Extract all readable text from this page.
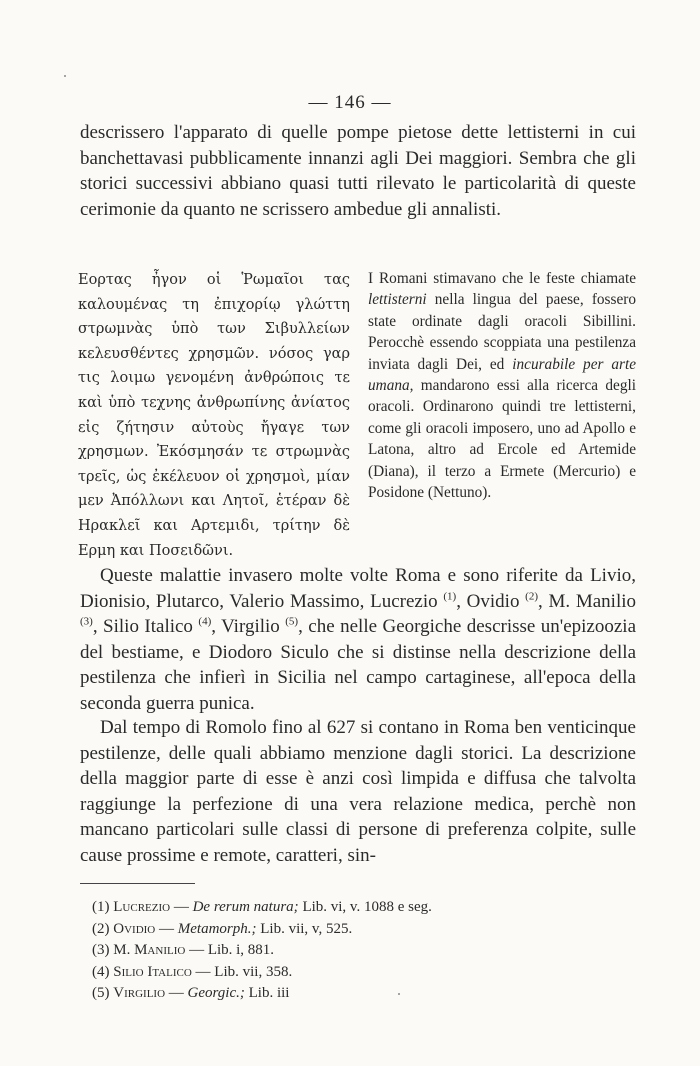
— 146 —
descrissero l'apparato di quelle pompe pietose dette lettisterni in cui banchettavasi pubblicamente innanzi agli Dei maggiori. Sembra che gli storici successivi abbiano quasi tutti rilevato le particolarità di queste cerimonie da quanto ne scrissero ambedue gli annalisti.
Εορτας ἦγον οἱ Ῥωμαῖοι τας καλουμένας τη ἐπιχορίῳ γλώττη στρωμνὰς ὑπὸ των Σιβυλλείων κελευσθέντες χρησμῶν. νόσος γαρ τις λοιμω γενομένη ἀνθρώποις τε καὶ ὑπὸ τεχνης ἀνθρωπίνης ἀνίατος εἰς ζήτησιν αὐτοὺς ἤγαγε των χρησμων. Ἐκόσμησάν τε στρωμνὰς τρεῖς, ὡς ἐκέλευον οἱ χρησμοὶ, μίαν μεν Ἀπόλλωνι και Λητοῖ, ἑτέραν δὲ Ηρακλεῖ και Αρτεμιδι, τρίτην δὲ Ερμη και Ποσειδῶνι.
I Romani stimavano che le feste chiamate lettisterni nella lingua del paese, fossero state ordinate dagli oracoli Sibillini. Perocchè essendo scoppiata una pestilenza inviata dagli Dei, ed incurabile per arte umana, mandarono essi alla ricerca degli oracoli. Ordinarono quindi tre lettisterni, come gli oracoli imposero, uno ad Apollo e Latona, altro ad Ercole ed Artemide (Diana), il terzo a Ermete (Mercurio) e Posidone (Nettuno).
Queste malattie invasero molte volte Roma e sono riferite da Livio, Dionisio, Plutarco, Valerio Massimo, Lucrezio $^{(1)}$, Ovidio $^{(2)}$, M. Manilio $^{(3)}$, Silio Italico $^{(4)}$, Virgilio $^{(5)}$, che nelle Georgiche descrisse un'epizoozia del bestiame, e Diodoro Siculo che si distinse nella descrizione della pestilenza che infierì in Sicilia nel campo cartaginese, all'epoca della seconda guerra punica.
Dal tempo di Romolo fino al 627 si contano in Roma ben venticinque pestilenze, delle quali abbiamo menzione dagli storici. La descrizione della maggior parte di esse è anzi così limpida e diffusa che talvolta raggiunge la perfezione di una vera relazione medica, perchè non mancano particolari sulle classi di persone di preferenza colpite, sulle cause prossime e remote, caratteri, sin-
(1) Lucrezio — De rerum natura; Lib. vi, v. 1088 e seg.
(2) Ovidio — Metamorph.; Lib. vii, v, 525.
(3) M. Manilio — Lib. i, 881.
(4) Silio Italico — Lib. vii, 358.
(5) Virgilio — Georgic.; Lib. iii
